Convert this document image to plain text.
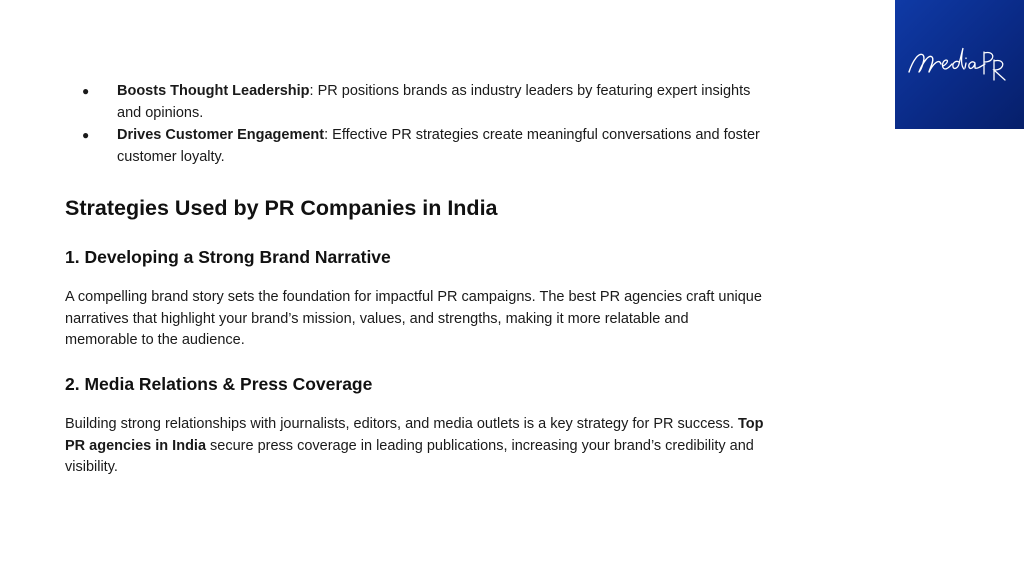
● Boosts Thought Leadership: PR positions brands as industry leaders by featuring expert insights and opinions.
● Drives Customer Engagement: Effective PR strategies create meaningful conversations and foster customer loyalty.
Strategies Used by PR Companies in India
1. Developing a Strong Brand Narrative

A compelling brand story sets the foundation for impactful PR campaigns. The best PR agencies craft unique narratives that highlight your brand’s mission, values, and strengths, making it more relatable and memorable to the audience.

2. Media Relations & Press Coverage

Building strong relationships with journalists, editors, and media outlets is a key strategy for PR success. Top PR agencies in India secure press coverage in leading publications, increasing your brand’s credibility and visibility.
